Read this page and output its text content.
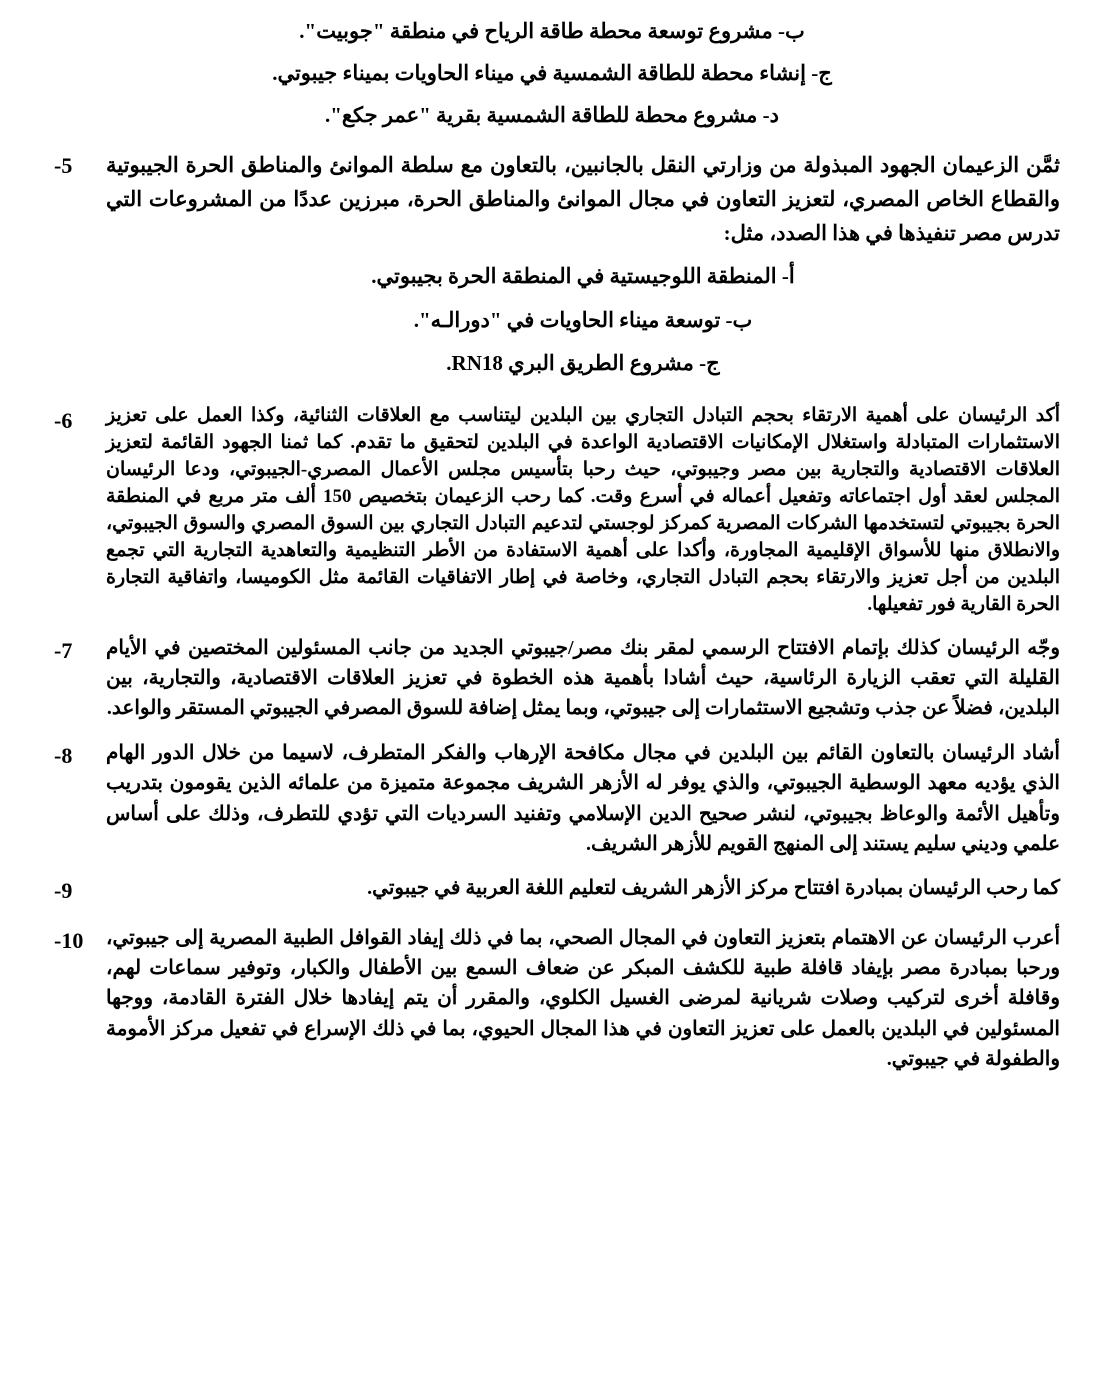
ب- مشروع توسعة محطة طاقة الرياح في منطقة "جوبيت".

ج- إنشاء محطة للطاقة الشمسية في ميناء الحاويات بميناء جيبوتي.

د- مشروع محطة للطاقة الشمسية بقرية "عمر جكع".

-5	ثمَّن الزعيمان الجهود المبذولة من وزارتي النقل بالجانبين، بالتعاون مع سلطة الموانئ والمناطق الحرة الجيبوتية والقطاع الخاص المصري، لتعزيز التعاون في مجال الموانئ والمناطق الحرة، مبرزين عددًا من المشروعات التي تدرس مصر تنفيذها في هذا الصدد، مثل:

أ- المنطقة اللوجيستية في المنطقة الحرة بجيبوتي.
ب- توسعة ميناء الحاويات في "دورالـه".
ج- مشروع الطريق البري RN18.
-6	أكد الرئيسان على أهمية الارتقاء بحجم التبادل التجاري بين البلدين ليتناسب مع العلاقات الثنائية، وكذا العمل على تعزيز الاستثمارات المتبادلة واستغلال الإمكانيات الاقتصادية الواعدة في البلدين لتحقيق ما تقدم. كما ثمنا الجهود القائمة لتعزيز العلاقات الاقتصادية والتجارية بين مصر وجيبوتي، حيث رحبا بتأسيس مجلس الأعمال المصري-الجيبوتي، ودعا الرئيسان المجلس لعقد أول اجتماعاته وتفعيل أعماله في أسرع وقت. كما رحب الزعيمان بتخصيص 150 ألف متر مربع في المنطقة الحرة بجيبوتي لتستخدمها الشركات المصرية كمركز لوجستي لتدعيم التبادل التجاري بين السوق المصري والسوق الجيبوتي، والانطلاق منها للأسواق الإقليمية المجاورة، وأكدا على أهمية الاستفادة من الأطر التنظيمية والتعاهدية التجارية التي تجمع البلدين من أجل تعزيز والارتقاء بحجم التبادل التجاري، وخاصة في إطار الاتفاقيات القائمة مثل الكوميسا، واتفاقية التجارة الحرة القارية فور تفعيلها.

-7	وجّه الرئيسان كذلك بإتمام الافتتاح الرسمي لمقر بنك مصر/جيبوتي الجديد من جانب المسئولين المختصين في الأيام القليلة التي تعقب الزيارة الرئاسية، حيث أشادا بأهمية هذه الخطوة في تعزيز العلاقات الاقتصادية، والتجارية، بين البلدين، فضلاً عن جذب وتشجيع الاستثمارات إلى جيبوتي، وبما يمثل إضافة للسوق المصرفي الجيبوتي المستقر والواعد.

-8	أشاد الرئيسان بالتعاون القائم بين البلدين في مجال مكافحة الإرهاب والفكر المتطرف، لاسيما من خلال الدور الهام الذي يؤديه معهد الوسطية الجيبوتي، والذي يوفر له الأزهر الشريف مجموعة متميزة من علمائه الذين يقومون بتدريب وتأهيل الأئمة والوعاظ بجيبوتي، لنشر صحيح الدين الإسلامي وتفنيد السرديات التي تؤدي للتطرف، وذلك على أساس علمي وديني سليم يستند إلى المنهج القويم للأزهر الشريف.

-9	كما رحب الرئيسان بمبادرة افتتاح مركز الأزهر الشريف لتعليم اللغة العربية في جيبوتي.

-10	أعرب الرئيسان عن الاهتمام بتعزيز التعاون في المجال الصحي، بما في ذلك إيفاد القوافل الطبية المصرية إلى جيبوتي، ورحبا بمبادرة مصر بإيفاد قافلة طبية للكشف المبكر عن ضعاف السمع بين الأطفال والكبار، وتوفير سماعات لهم، وقافلة أخرى لتركيب وصلات شريانية لمرضى الغسيل الكلوي، والمقرر أن يتم إيفادها خلال الفترة القادمة، ووجها المسئولين في البلدين بالعمل على تعزيز التعاون في هذا المجال الحيوي، بما في ذلك الإسراع في تفعيل مركز الأمومة والطفولة في جيبوتي.
